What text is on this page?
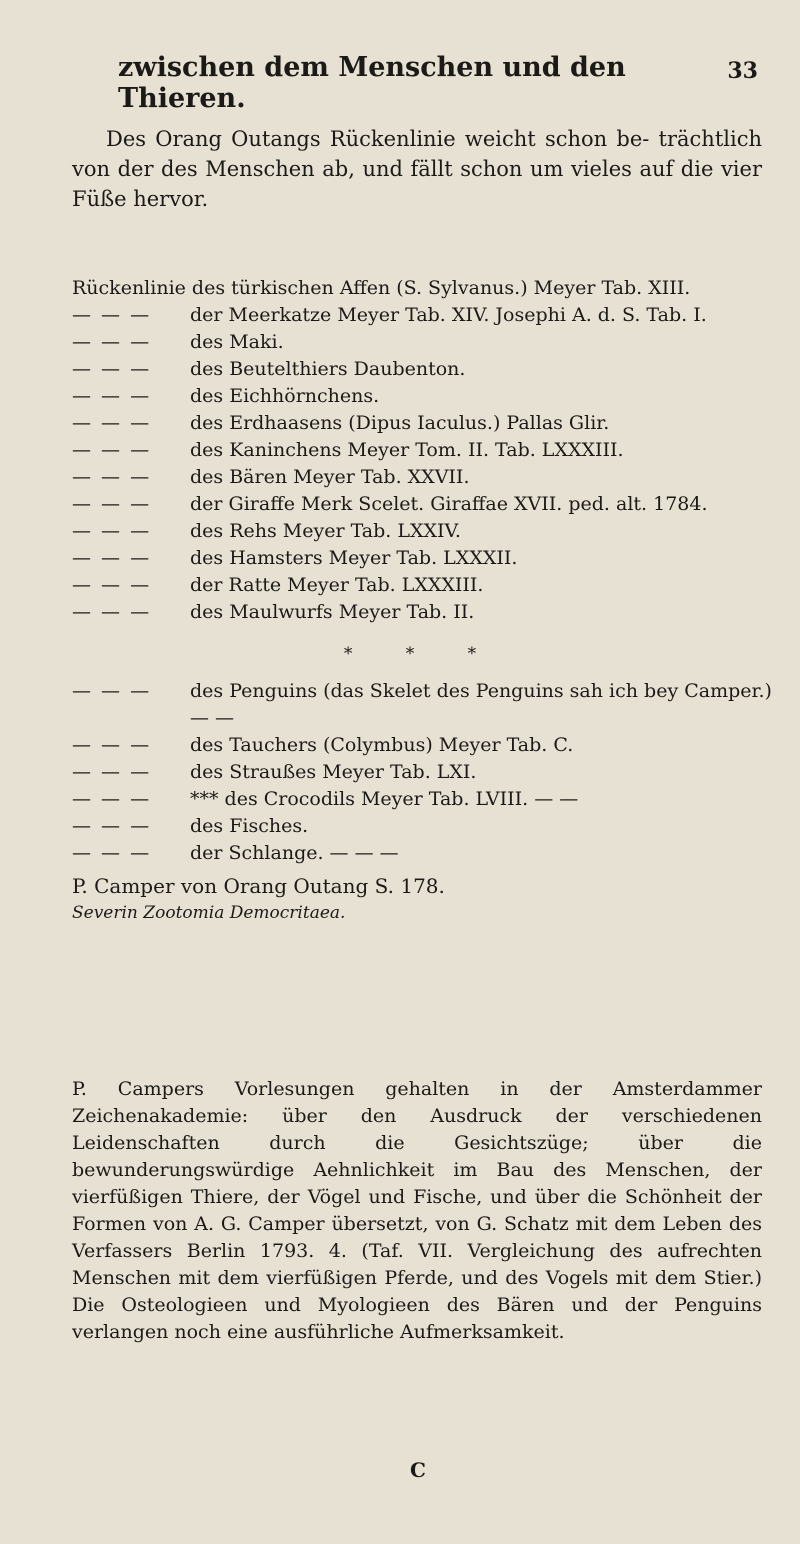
zwischen dem Menschen und den Thieren.
33
Des Orang Outangs Rückenlinie weicht schon be- trächtlich von der des Menschen ab, und fällt schon um vieles auf die vier Füße hervor.
Rückenlinie des türkischen Affen (S. Sylvanus.) Meyer Tab. XIII.
— — —	der Meerkatze Meyer Tab. XIV. Josephi A. d. S. Tab. I.
— — —	des Maki.
— — —	des Beutelthiers Daubenton.
— — —	des Eichhörnchens.
— — —	des Erdhaasens (Dipus Iaculus.) Pallas Glir.
— — —	des Kaninchens Meyer Tom. II. Tab. LXXXIII.
— — —	des Bären Meyer Tab. XXVII.
— — —	der Giraffe Merk Scelet. Giraffae XVII. ped. alt. 1784.
— — —	des Rehs Meyer Tab. LXXIV.
— — —	des Hamsters Meyer Tab. LXXXII.
— — —	der Ratte Meyer Tab. LXXXIII.
— — —	des Maulwurfs Meyer Tab. II.
* * *
— — —	des Penguins (das Skelet des Penguins sah ich bey Camper.) — —
— — —	des Tauchers (Colymbus) Meyer Tab. C.
— — —	des Straußes Meyer Tab. LXI.
— — —	*** des Crocodils Meyer Tab. LVIII. — —
— — —	des Fisches.
— — —	der Schlange. — — —
P. Camper von Orang Outang S. 178.
Severin Zootomia Democritaea.
P. Campers Vorlesungen gehalten in der Amsterdammer Zeichenakademie: über den Ausdruck der verschiedenen Leidenschaften durch die Gesichtszüge; über die bewunderungswürdige Aehnlichkeit im Bau des Menschen, der vierfüßigen Thiere, der Vögel und Fische, und über die Schönheit der Formen von A. G. Camper übersetzt, von G. Schatz mit dem Leben des Verfassers Berlin 1793. 4. (Taf. VII. Vergleichung des aufrechten Menschen mit dem vierfüßigen Pferde, und des Vogels mit dem Stier.) Die Osteologieen und Myologieen des Bären und der Penguins verlangen noch eine ausführliche Aufmerksamkeit.
C
